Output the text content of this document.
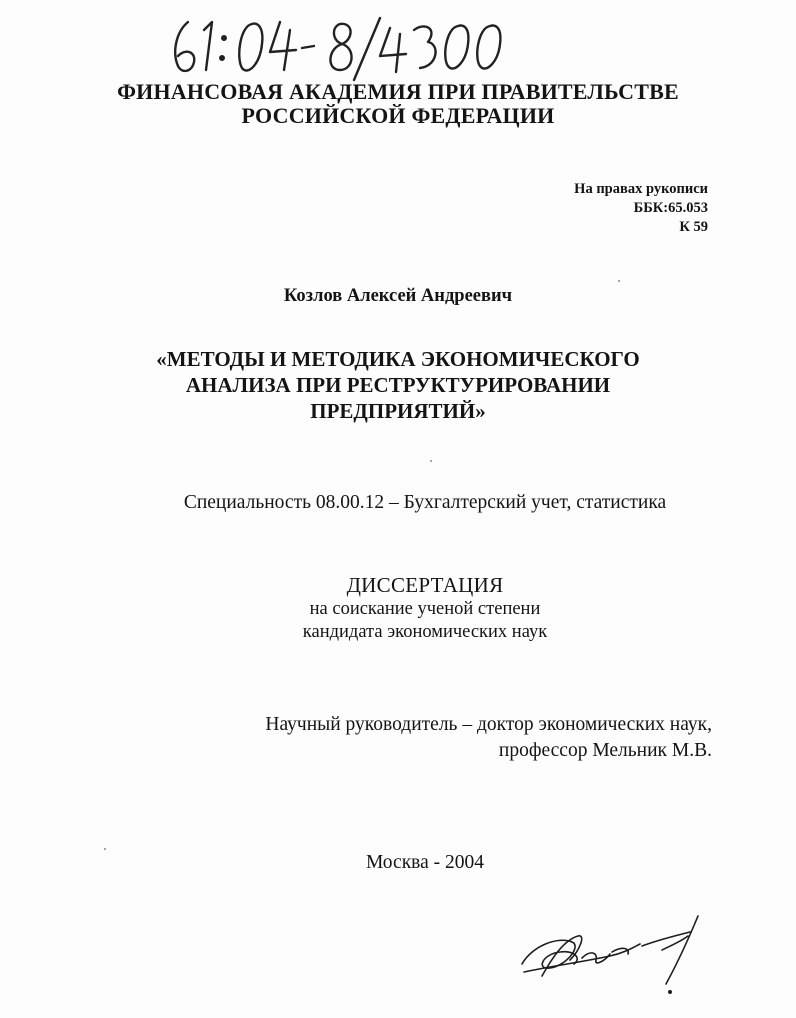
ФИНАНСОВАЯ АКАДЕМИЯ ПРИ ПРАВИТЕЛЬСТВЕ
РОССИЙСКОЙ ФЕДЕРАЦИИ
На правах рукописи
ББК:65.053
К 59
Козлов Алексей Андреевич
«МЕТОДЫ И МЕТОДИКА ЭКОНОМИЧЕСКОГО
АНАЛИЗА ПРИ РЕСТРУКТУРИРОВАНИИ
ПРЕДПРИЯТИЙ»
Специальность 08.00.12 – Бухгалтерский учет, статистика
ДИССЕРТАЦИЯ
на соискание ученой степени
кандидата экономических наук
Научный руководитель – доктор экономических наук,
профессор Мельник М.В.
Москва - 2004
